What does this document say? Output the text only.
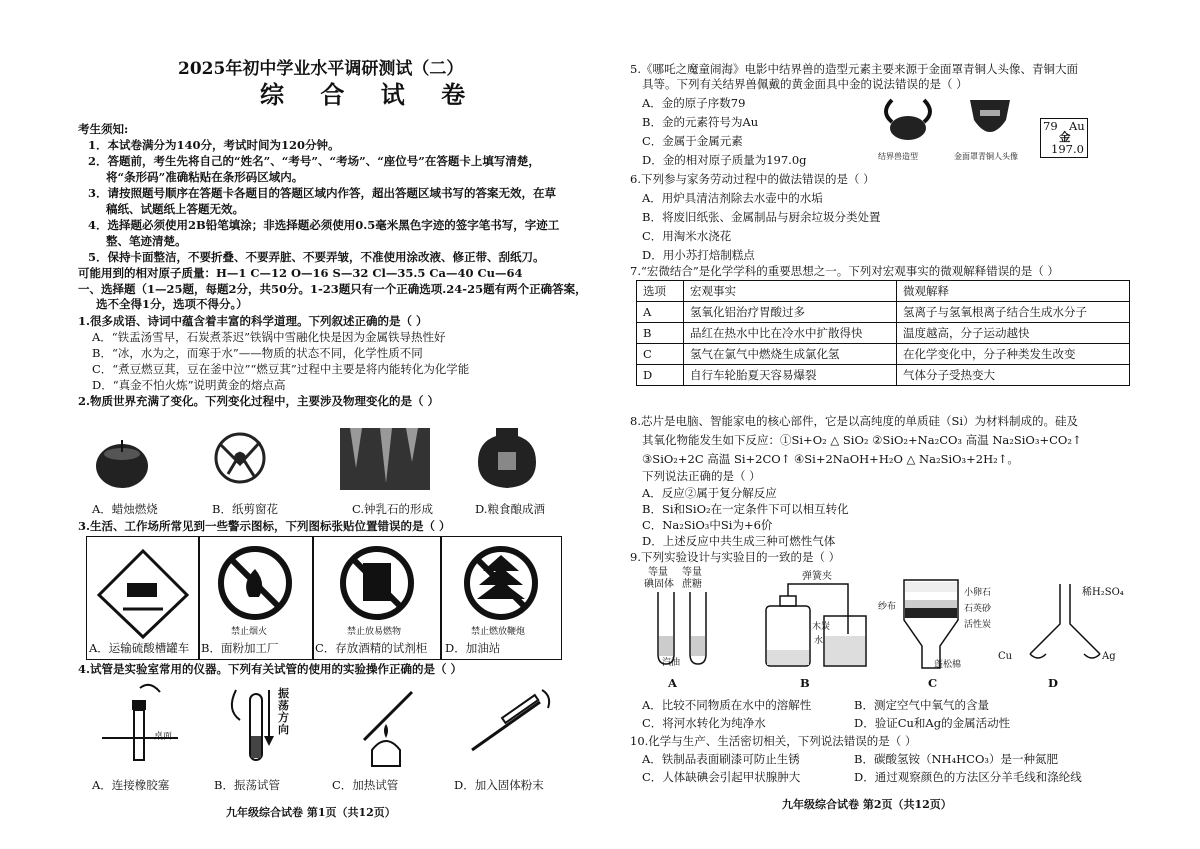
2025年初中学业水平调研测试（二）
综 合 试 卷
考生须知:
1．本试卷满分为140分，考试时间为120分钟。
2．答题前，考生先将自己的“姓名”、“考号”、“考场”、“座位号”在答题卡上填写清楚，
将“条形码”准确粘贴在条形码区域内。
3．请按照题号顺序在答题卡各题目的答题区域内作答，超出答题区域书写的答案无效，在草
稿纸、试题纸上答题无效。
4．选择题必须使用2B铅笔填涂；非选择题必须使用0.5毫米黑色字迹的签字笔书写，字迹工
整、笔迹清楚。
5．保持卡面整洁，不要折叠、不要弄脏、不要弄皱，不准使用涂改液、修正带、刮纸刀。
可能用到的相对原子质量：H—1 C—12 O—16 S—32 Cl—35.5 Ca—40 Cu—64
一、选择题（1—25题，每题2分，共50分。1-23题只有一个正确选项.24-25题有两个正确答案，
选不全得1分，选项不得分。）
1.很多成语、诗词中蕴含着丰富的科学道理。下列叙述正确的是（ ）
A．“铁盂汤雪早，石炭煮茶迟”铁锅中雪融化快是因为金属铁导热性好
B．“冰，水为之，而寒于水”——物质的状态不同，化学性质不同
C．“煮豆燃豆萁，豆在釜中泣”“燃豆萁”过程中主要是将内能转化为化学能
D．“真金不怕火炼”说明黄金的熔点高
2.物质世界充满了变化。下列变化过程中，主要涉及物理变化的是（ ）
A．蜡烛燃烧	B．纸剪窗花	C.钟乳石的形成	D.粮食酿成酒
3.生活、工作场所常见到一些警示图标，下列图标张贴位置错误的是（ ）
A．运输硫酸槽罐车
禁止烟火
B．面粉加工厂
禁止放易燃物
C．存放酒精的试剂柜
禁止燃放鞭炮
D．加油站
4.试管是实验室常用的仪器。下列有关试管的使用的实验操作正确的是（ ）
桌面
振
荡
方
向
A．连接橡胶塞	B．振荡试管	C．加热试管	D．加入固体粉末
九年级综合试卷 第1页（共12页）
5.《哪吒之魔童闹海》电影中结界兽的造型元素主要来源于金面罩青铜人头像、青铜大面
具等。下列有关结界兽佩戴的黄金面具中金的说法错误的是（ ）
A．金的原子序数79
B．金的元素符号为Au
C．金属于金属元素
D．金的相对原子质量为197.0g	结界兽造型	金面罩青铜人头像
79 Au
金
197.0
6.下列参与家务劳动过程中的做法错误的是（ ）
A．用炉具清洁剂除去水壶中的水垢
B．将废旧纸张、金属制品与厨余垃圾分类处置
C．用淘米水浇花
D．用小苏打焙制糕点
7.“宏微结合”是化学学科的重要思想之一。下列对宏观事实的微观解释错误的是（ ）
选项	宏观事实	微观解释
A	氢氧化铝治疗胃酸过多	氢离子与氢氧根离子结合生成水分子
B	品红在热水中比在冷水中扩散得快	温度越高，分子运动越快
C	氢气在氯气中燃烧生成氯化氢	在化学变化中，分子种类发生改变
D	自行车轮胎夏天容易爆裂	气体分子受热变大
8.芯片是电脑、智能家电的核心部件，它是以高纯度的单质硅（Si）为材料制成的。硅及
其氧化物能发生如下反应：①Si+O₂ △ SiO₂ ②SiO₂+Na₂CO₃ 高温 Na₂SiO₃+CO₂↑
③SiO₂+2C 高温 Si+2CO↑ ④Si+2NaOH+H₂O △ Na₂SiO₃+2H₂↑。
下列说法正确的是（ ）
A．反应②属于复分解反应
B．Si和SiO₂在一定条件下可以相互转化
C．Na₂SiO₃中Si为+6价
D．上述反应中共生成三种可燃性气体
9.下列实验设计与实验目的一致的是（ ）
等量
碘固体
等量
蔗糖
汽油
弹簧夹
木炭
水
纱布
小卵石
石英砂
活性炭
蓬松棉
稀H₂SO₄
Cu	Ag
A	B	C	D
A．比较不同物质在水中的溶解性	B．测定空气中氧气的含量
C．将河水转化为纯净水	D．验证Cu和Ag的金属活动性
10.化学与生产、生活密切相关，下列说法错误的是（ ）
A．铁制品表面刷漆可防止生锈	B．碳酸氢铵（NH₄HCO₃）是一种氮肥
C．人体缺碘会引起甲状腺肿大	D．通过观察颜色的方法区分羊毛线和涤纶线
九年级综合试卷 第2页（共12页）
